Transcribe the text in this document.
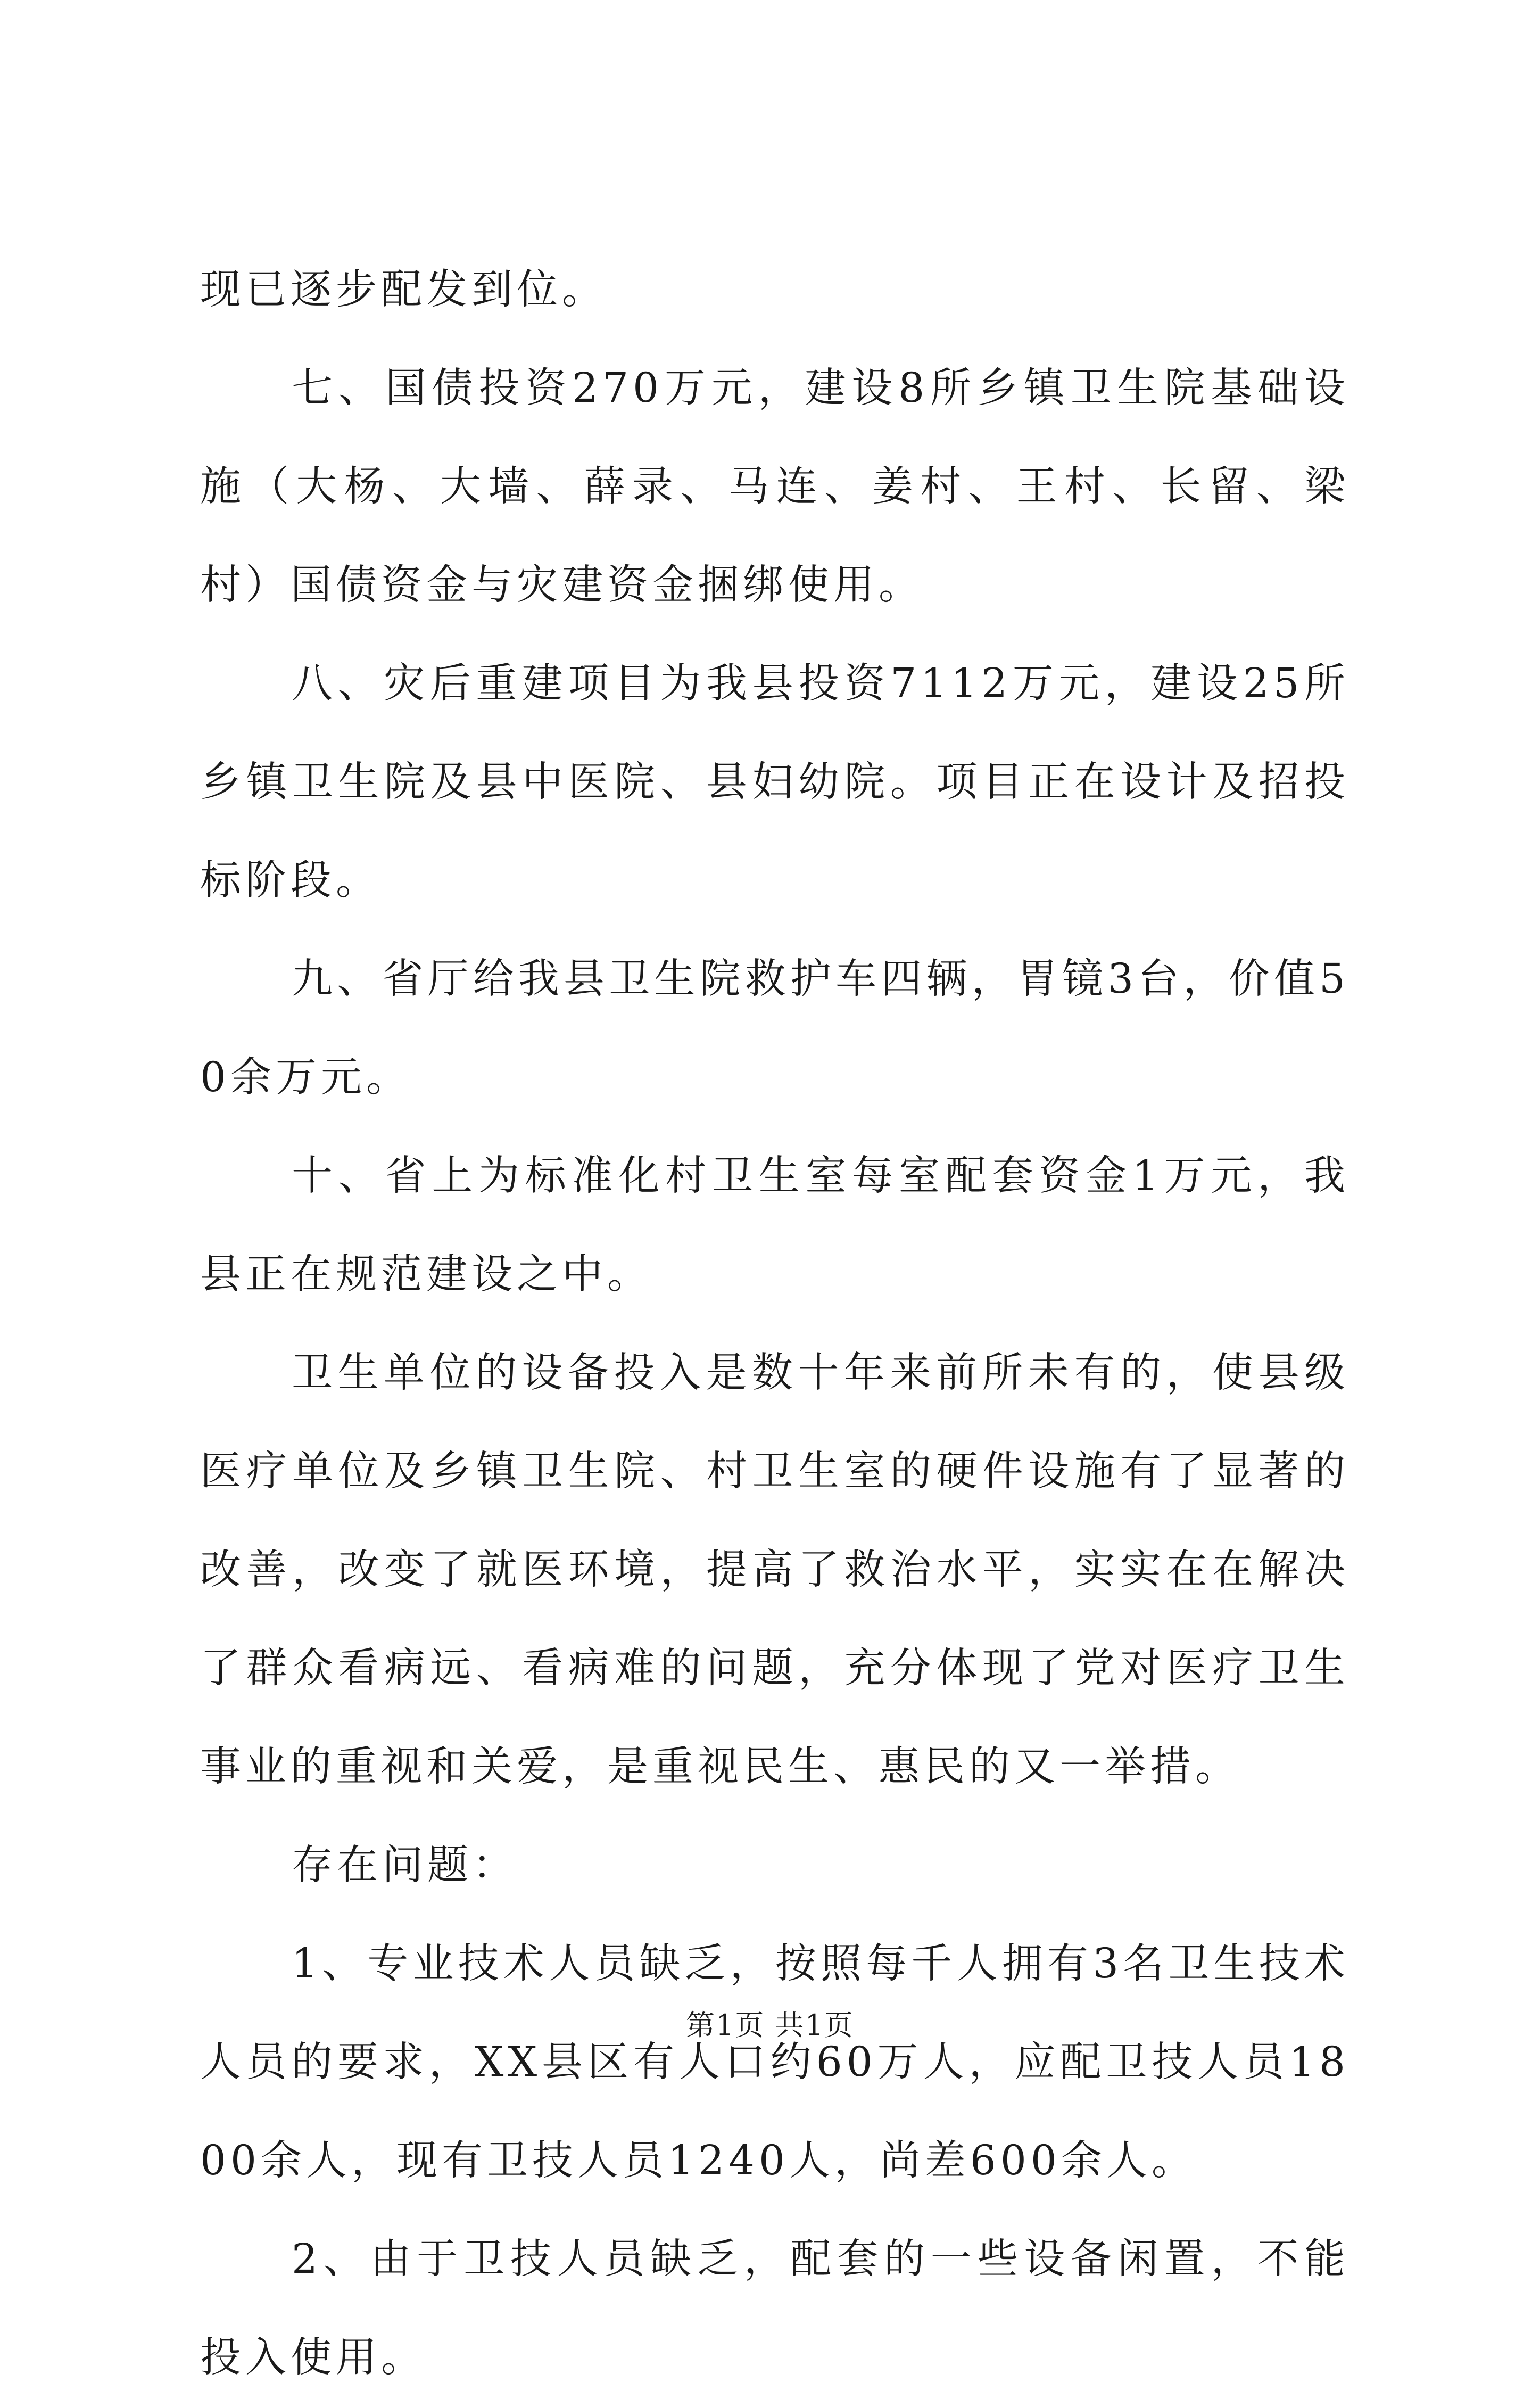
现已逐步配发到位。

七、国债投资270万元，建设8所乡镇卫生院基础设施（大杨、大墙、薛录、马连、姜村、王村、长留、梁村）国债资金与灾建资金捆绑使用。

八、灾后重建项目为我县投资7112万元，建设25所乡镇卫生院及县中医院、县妇幼院。项目正在设计及招投标阶段。

九、省厅给我县卫生院救护车四辆，胃镜3台，价值50余万元。

十、省上为标准化村卫生室每室配套资金1万元，我县正在规范建设之中。

卫生单位的设备投入是数十年来前所未有的，使县级医疗单位及乡镇卫生院、村卫生室的硬件设施有了显著的改善，改变了就医环境，提高了救治水平，实实在在解决了群众看病远、看病难的问题，充分体现了党对医疗卫生事业的重视和关爱，是重视民生、惠民的又一举措。

存在问题：

1、专业技术人员缺乏，按照每千人拥有3名卫生技术人员的要求，XX县区有人口约60万人，应配卫技人员1800余人，现有卫技人员1240人，尚差600余人。

2、由于卫技人员缺乏，配套的一些设备闲置，不能投入使用。

第1页 共1页
